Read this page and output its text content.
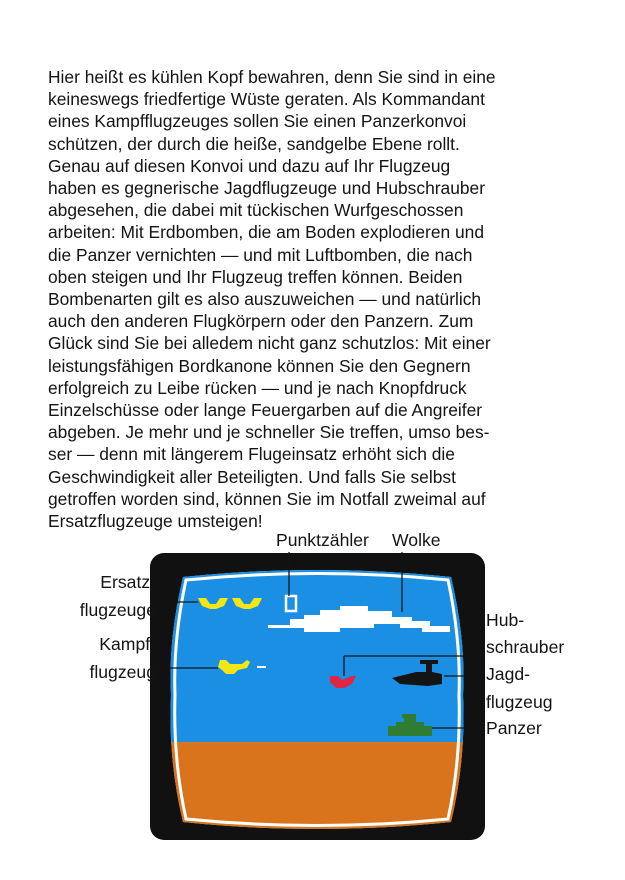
Hier heißt es kühlen Kopf bewahren, denn Sie sind in eine
keineswegs friedfertige Wüste geraten. Als Kommandant
eines Kampfflugzeuges sollen Sie einen Panzerkonvoi
schützen, der durch die heiße, sandgelbe Ebene rollt.
Genau auf diesen Konvoi und dazu auf Ihr Flugzeug
haben es gegnerische Jagdflugzeuge und Hubschrauber
abgesehen, die dabei mit tückischen Wurfgeschossen
arbeiten: Mit Erdbomben, die am Boden explodieren und
die Panzer vernichten — und mit Luftbomben, die nach
oben steigen und Ihr Flugzeug treffen können. Beiden
Bombenarten gilt es also auszuweichen — und natürlich
auch den anderen Flugkörpern oder den Panzern. Zum
Glück sind Sie bei alledem nicht ganz schutzlos: Mit einer
leistungsfähigen Bordkanone können Sie den Gegnern
erfolgreich zu Leibe rücken — und je nach Knopfdruck
Einzelschüsse oder lange Feuergarben auf die Angreifer
abgeben. Je mehr und je schneller Sie treffen, umso bes-
ser — denn mit längerem Flugeinsatz erhöht sich die
Geschwindigkeit aller Beteiligten. Und falls Sie selbst
getroffen worden sind, können Sie im Notfall zweimal auf
Ersatzflugzeuge umsteigen!

Punktzähler Wolke
Ersatz-
flugzeuge
Kampf-
flugzeug
Hub-
schrauber
Jagd-
flugzeug
Panzer
